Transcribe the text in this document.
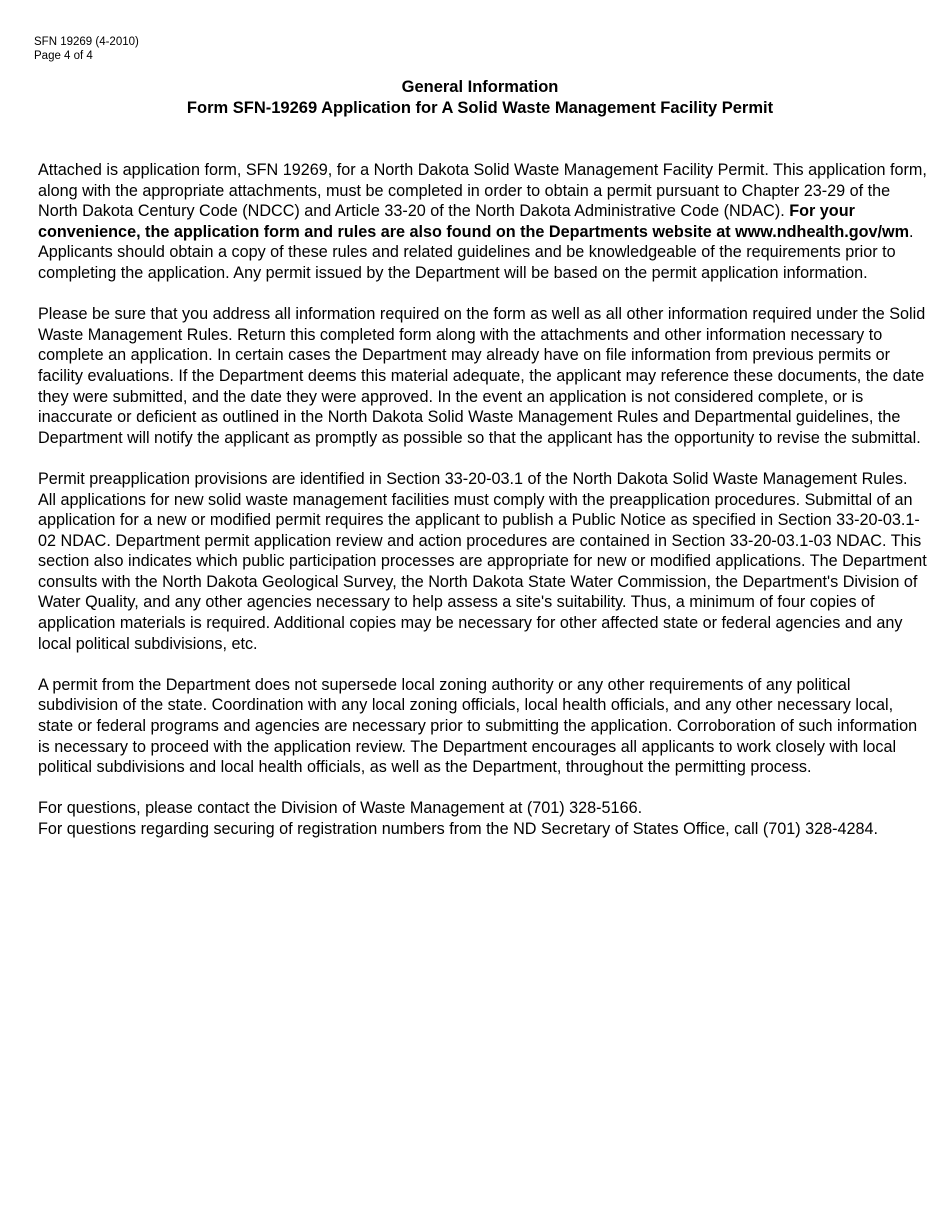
SFN 19269 (4-2010)
Page 4 of 4
General Information
Form SFN-19269 Application for A Solid Waste Management Facility Permit

Attached is application form, SFN 19269, for a North Dakota Solid Waste Management Facility Permit. This application form, along with the appropriate attachments, must be completed in order to obtain a permit pursuant to Chapter 23-29 of the North Dakota Century Code (NDCC) and Article 33-20 of the North Dakota Administrative Code (NDAC). For your convenience, the application form and rules are also found on the Departments website at www.ndhealth.gov/wm. Applicants should obtain a copy of these rules and related guidelines and be knowledgeable of the requirements prior to completing the application. Any permit issued by the Department will be based on the permit application information.

Please be sure that you address all information required on the form as well as all other information required under the Solid Waste Management Rules. Return this completed form along with the attachments and other information necessary to complete an application. In certain cases the Department may already have on file information from previous permits or facility evaluations. If the Department deems this material adequate, the applicant may reference these documents, the date they were submitted, and the date they were approved. In the event an application is not considered complete, or is inaccurate or deficient as outlined in the North Dakota Solid Waste Management Rules and Departmental guidelines, the Department will notify the applicant as promptly as possible so that the applicant has the opportunity to revise the submittal.

Permit preapplication provisions are identified in Section 33-20-03.1 of the North Dakota Solid Waste Management Rules. All applications for new solid waste management facilities must comply with the preapplication procedures. Submittal of an application for a new or modified permit requires the applicant to publish a Public Notice as specified in Section 33-20-03.1-02 NDAC. Department permit application review and action procedures are contained in Section 33-20-03.1-03 NDAC. This section also indicates which public participation processes are appropriate for new or modified applications. The Department consults with the North Dakota Geological Survey, the North Dakota State Water Commission, the Department's Division of Water Quality, and any other agencies necessary to help assess a site's suitability. Thus, a minimum of four copies of application materials is required. Additional copies may be necessary for other affected state or federal agencies and any local political subdivisions, etc.

A permit from the Department does not supersede local zoning authority or any other requirements of any political subdivision of the state. Coordination with any local zoning officials, local health officials, and any other necessary local, state or federal programs and agencies are necessary prior to submitting the application. Corroboration of such information is necessary to proceed with the application review. The Department encourages all applicants to work closely with local political subdivisions and local health officials, as well as the Department, throughout the permitting process.

For questions, please contact the Division of Waste Management at (701) 328-5166.

For questions regarding securing of registration numbers from the ND Secretary of States Office, call (701) 328-4284.
